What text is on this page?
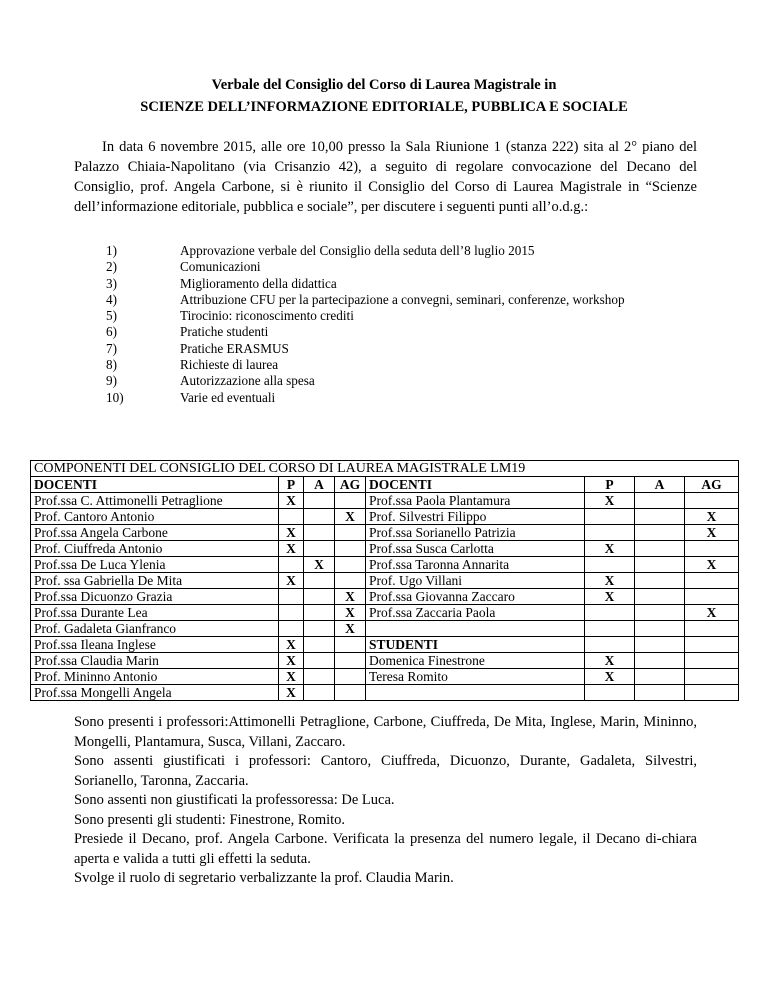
Verbale del Consiglio del Corso di Laurea Magistrale in
SCIENZE DELL’INFORMAZIONE EDITORIALE, PUBBLICA E SOCIALE
In data 6 novembre 2015, alle ore 10,00 presso la Sala Riunione 1 (stanza 222) sita al 2° piano del Palazzo Chiaia-Napolitano (via Crisanzio 42), a seguito di regolare convocazione del Decano del Consiglio, prof. Angela Carbone, si è riunito il Consiglio del Corso di Laurea Magistrale in “Scienze dell’informazione editoriale, pubblica e sociale”, per discutere i seguenti punti all’o.d.g.:
1)	Approvazione verbale del Consiglio della seduta dell’8 luglio 2015
2)	Comunicazioni
3)	Miglioramento della didattica
4)	Attribuzione CFU per la partecipazione a convegni, seminari, conferenze, workshop
5)	Tirocinio: riconoscimento crediti
6)	Pratiche studenti
7)	Pratiche ERASMUS
8)	Richieste di laurea
9)	Autorizzazione alla spesa
10)	Varie ed eventuali
COMPONENTI DEL CONSIGLIO DEL CORSO DI LAUREA MAGISTRALE LM19							
DOCENTI	P	A	AG	DOCENTI	P	A	AG
Prof.ssa C. Attimonelli Petraglione	X			Prof.ssa Paola Plantamura	X		
Prof. Cantoro Antonio			X	Prof. Silvestri Filippo			X
Prof.ssa Angela Carbone	X			Prof.ssa Sorianello Patrizia			X
Prof. Ciuffreda Antonio	X			Prof.ssa Susca Carlotta	X		
Prof.ssa De Luca Ylenia		X		Prof.ssa Taronna Annarita			X
Prof. ssa Gabriella De Mita	X			Prof. Ugo Villani	X		
Prof.ssa Dicuonzo Grazia			X	Prof.ssa Giovanna Zaccaro	X		
Prof.ssa Durante Lea			X	Prof.ssa Zaccaria Paola			X
Prof. Gadaleta Gianfranco			X				
Prof.ssa Ileana Inglese	X			STUDENTI			
Prof.ssa Claudia Marin	X			Domenica Finestrone	X		
Prof. Mininno Antonio	X			Teresa Romito	X		
Prof.ssa Mongelli Angela	X						
Sono presenti i professori:Attimonelli Petraglione, Carbone, Ciuffreda, De Mita, Inglese, Marin, Mininno, Mongelli, Plantamura, Susca, Villani, Zaccaro.
Sono assenti giustificati i professori: Cantoro, Ciuffreda, Dicuonzo, Durante, Gadaleta, Silvestri, Sorianello, Taronna, Zaccaria.
Sono assenti non giustificati la professoressa: De Luca.
Sono presenti gli studenti: Finestrone, Romito.
Presiede il Decano, prof. Angela Carbone. Verificata la presenza del numero legale, il Decano di-chiara aperta e valida a tutti gli effetti la seduta.
Svolge il ruolo di segretario verbalizzante la prof. Claudia Marin.
